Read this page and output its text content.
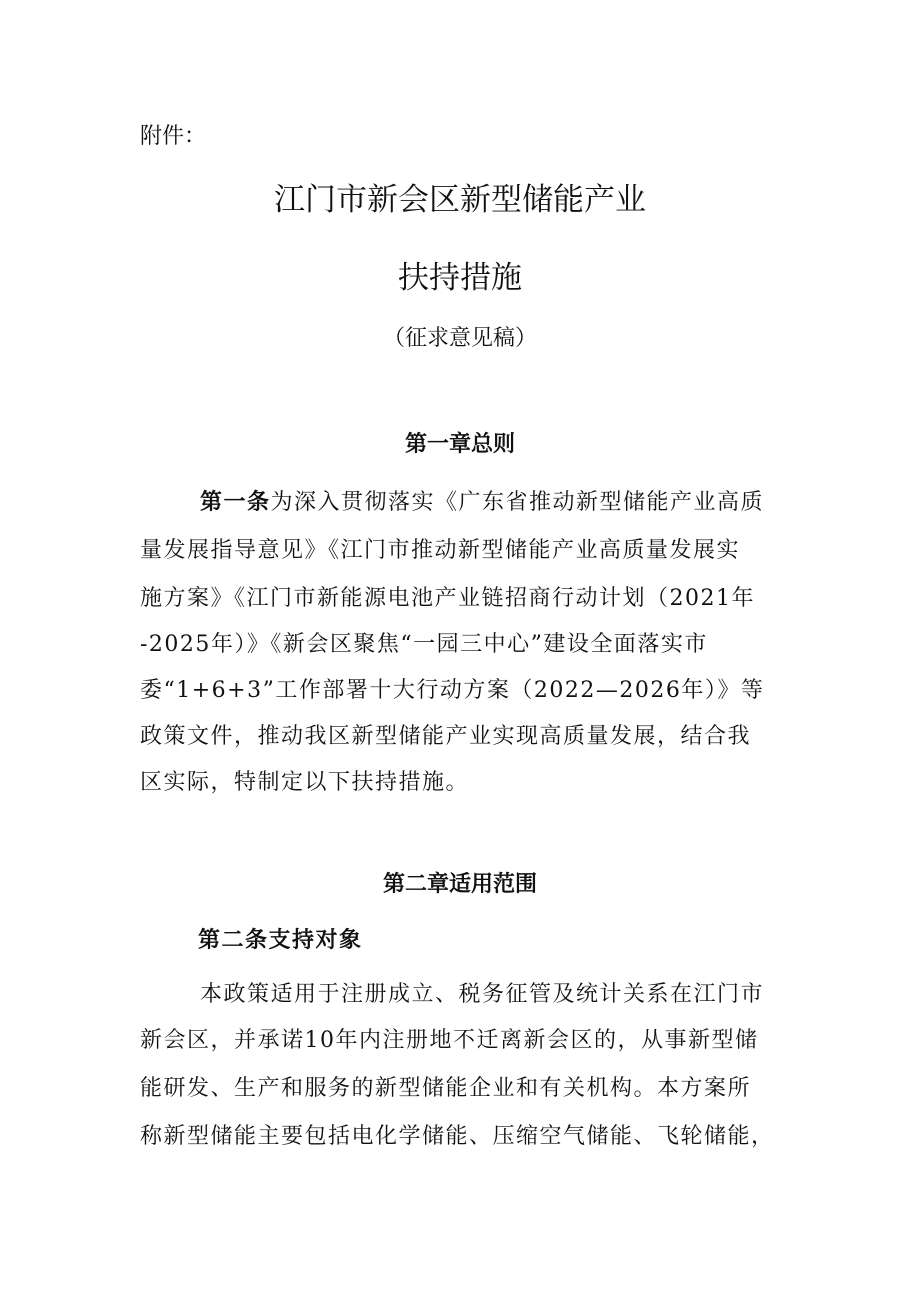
附件：
江门市新会区新型储能产业
扶持措施
（征求意见稿）
第一章总则
第一条为深入贯彻落实《广东省推动新型储能产业高质
量发展指导意见》《江门市推动新型储能产业高质量发展实
施方案》《江门市新能源电池产业链招商行动计划（2021年
-2025年）》《新会区聚焦“一园三中心”建设全面落实市
委“1+6+3”工作部署十大行动方案（2022—2026年）》等
政策文件，推动我区新型储能产业实现高质量发展，结合我
区实际，特制定以下扶持措施。
第二章适用范围
第二条支持对象
本政策适用于注册成立、税务征管及统计关系在江门市
新会区，并承诺10年内注册地不迁离新会区的，从事新型储
能研发、生产和服务的新型储能企业和有关机构。本方案所
称新型储能主要包括电化学储能、压缩空气储能、飞轮储能，
